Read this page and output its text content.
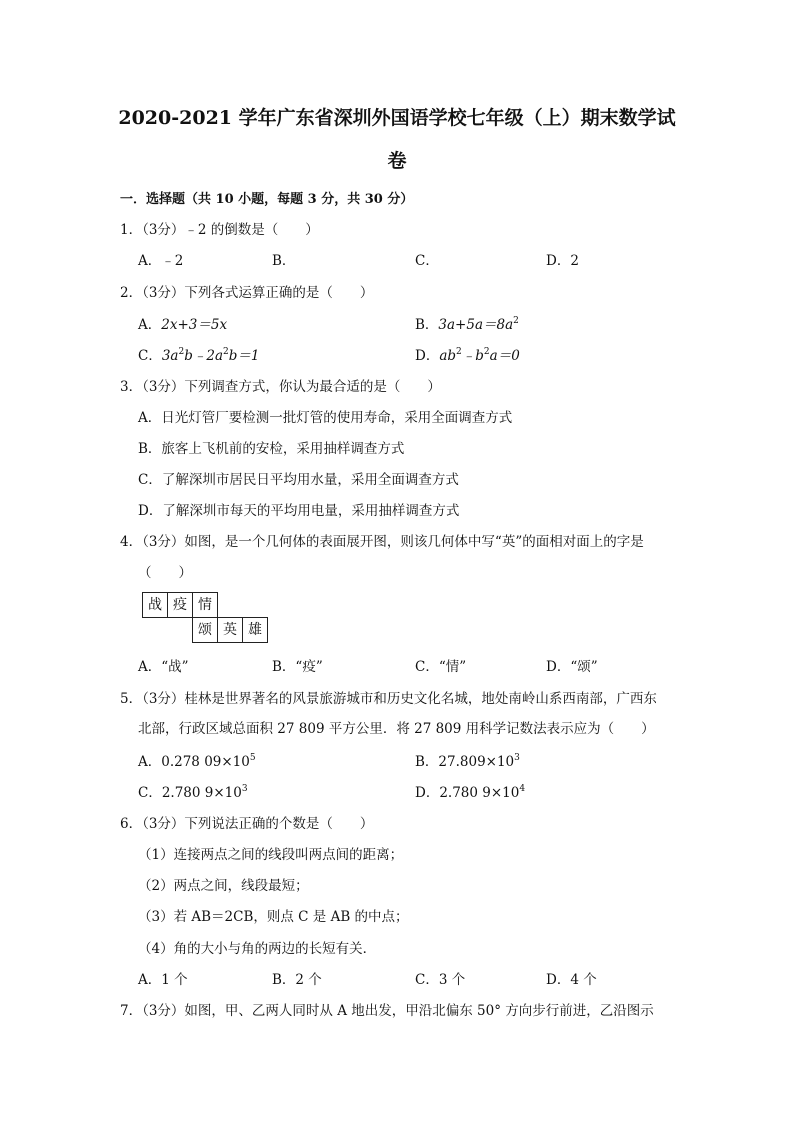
2020-2021 学年广东省深圳外国语学校七年级（上）期末数学试
卷
一．选择题（共 10 小题，每题 3 分，共 30 分）
1．（3分）﹣2 的倒数是（　　）
A．﹣2	B．	C．	D．2
2．（3分）下列各式运算正确的是（　　）
A．2x+3＝5x	B．$3a+5a=8a^2$
C．$3a^2b﹣2a^2b=1$	D．$ab^2﹣b^2a=0$
3．（3分）下列调查方式，你认为最合适的是（　　）
A．日光灯管厂要检测一批灯管的使用寿命，采用全面调查方式
B．旅客上飞机前的安检，采用抽样调查方式
C．了解深圳市居民日平均用水量，采用全面调查方式
D．了解深圳市每天的平均用电量，采用抽样调查方式
4．（3分）如图，是一个几何体的表面展开图，则该几何体中写“英”的面相对面上的字是
（　　）
战 疫 情
颂 英 雄
A．“战”	B．“疫”	C．“情”	D．“颂”
5．（3分）桂林是世界著名的风景旅游城市和历史文化名城，地处南岭山系西南部，广西东
北部，行政区域总面积 27 809 平方公里．将 27 809 用科学记数法表示应为（　　）
A．0.278 $09\times 10^5$	B．$27.809\times 10^3$
C．2.780 $9\times 10^3$	D．2.780 $9\times 10^4$
6．（3分）下列说法正确的个数是（　　）
（1）连接两点之间的线段叫两点间的距离；
（2）两点之间，线段最短；
（3）若 AB＝2CB，则点 C 是 AB 的中点；
（4）角的大小与角的两边的长短有关．
A．1 个	B．2 个	C．3 个	D．4 个
7．（3分）如图，甲、乙两人同时从 A 地出发，甲沿北偏东 50° 方向步行前进，乙沿图示
